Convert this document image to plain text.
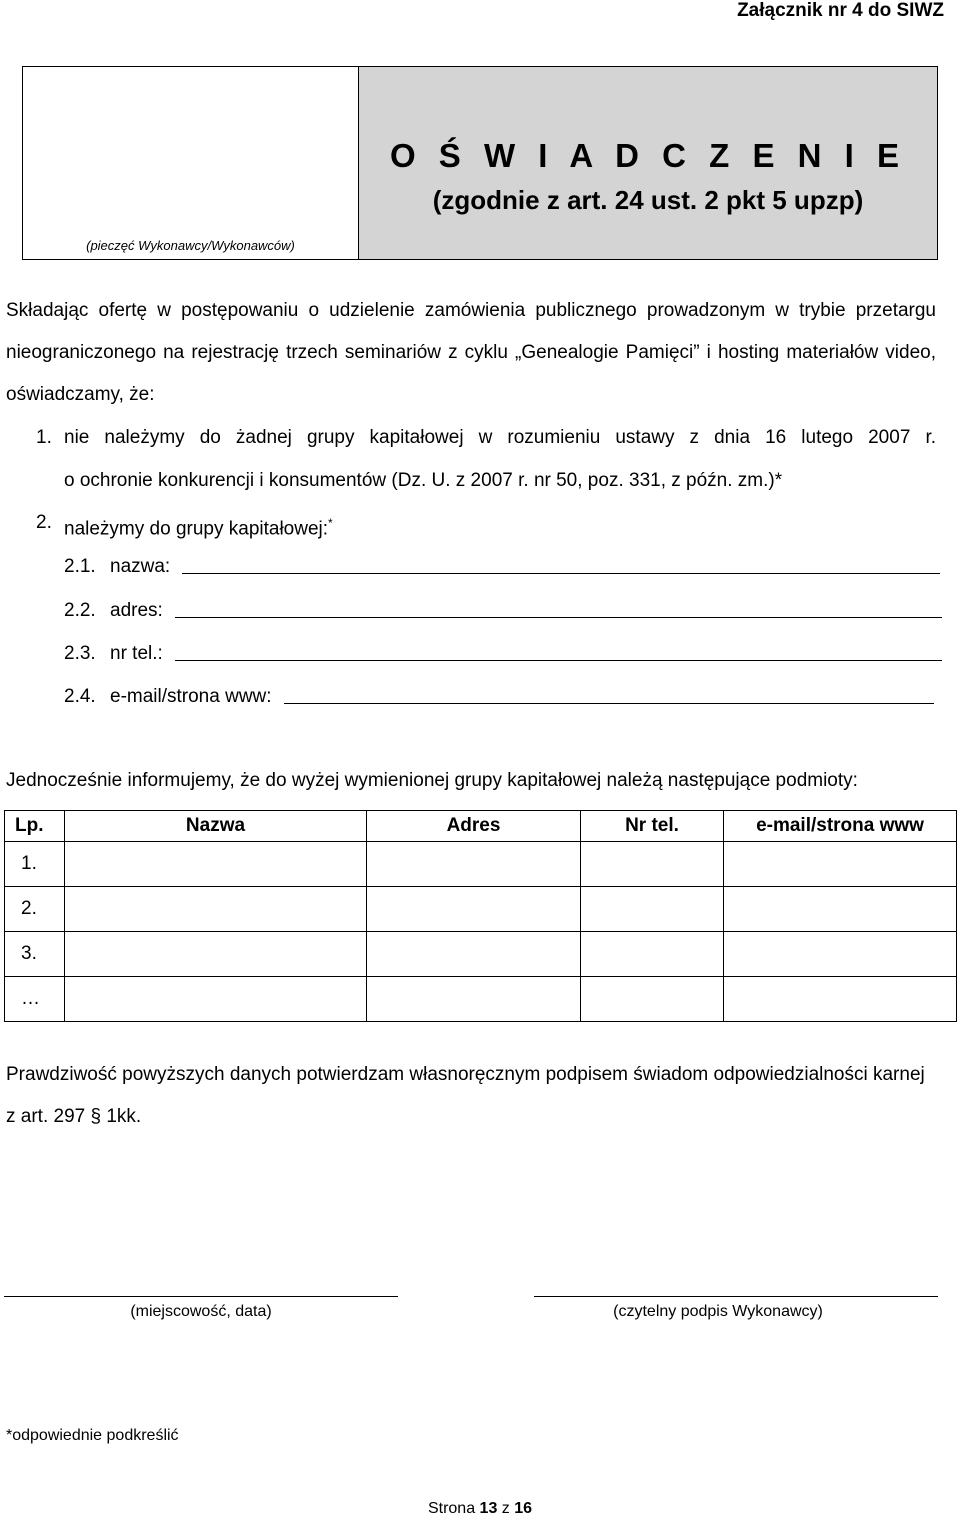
Załącznik nr 4 do SIWZ
(pieczęć Wykonawcy/Wykonawców)
O Ś W I A D C Z E N I E
(zgodnie z art. 24 ust. 2 pkt 5 upzp)
Składając ofertę w postępowaniu o udzielenie zamówienia publicznego prowadzonym w trybie przetargu nieograniczonego na rejestrację trzech seminariów z cyklu „Genealogie Pamięci” i hosting materiałów video, oświadczamy, że:
1. nie należymy do żadnej grupy kapitałowej w rozumieniu ustawy z dnia 16 lutego 2007 r.
o ochronie konkurencji i konsumentów (Dz. U. z 2007 r. nr 50, poz. 331, z późn. zm.)*
2. należymy do grupy kapitałowej:*
2.1. nazwa:
2.2. adres:
2.3. nr tel.:
2.4. e-mail/strona www:
Jednocześnie informujemy, że do wyżej wymienionej grupy kapitałowej należą następujące podmioty:
Lp.	Nazwa	Adres	Nr tel.	e-mail/strona www
1.				
2.				
3.				
…				
Prawdziwość powyższych danych potwierdzam własnoręcznym podpisem świadom odpowiedzialności karnej z art. 297 § 1kk.
(miejscowość, data)	(czytelny podpis Wykonawcy)
*odpowiednie podkreślić
Strona 13 z 16
